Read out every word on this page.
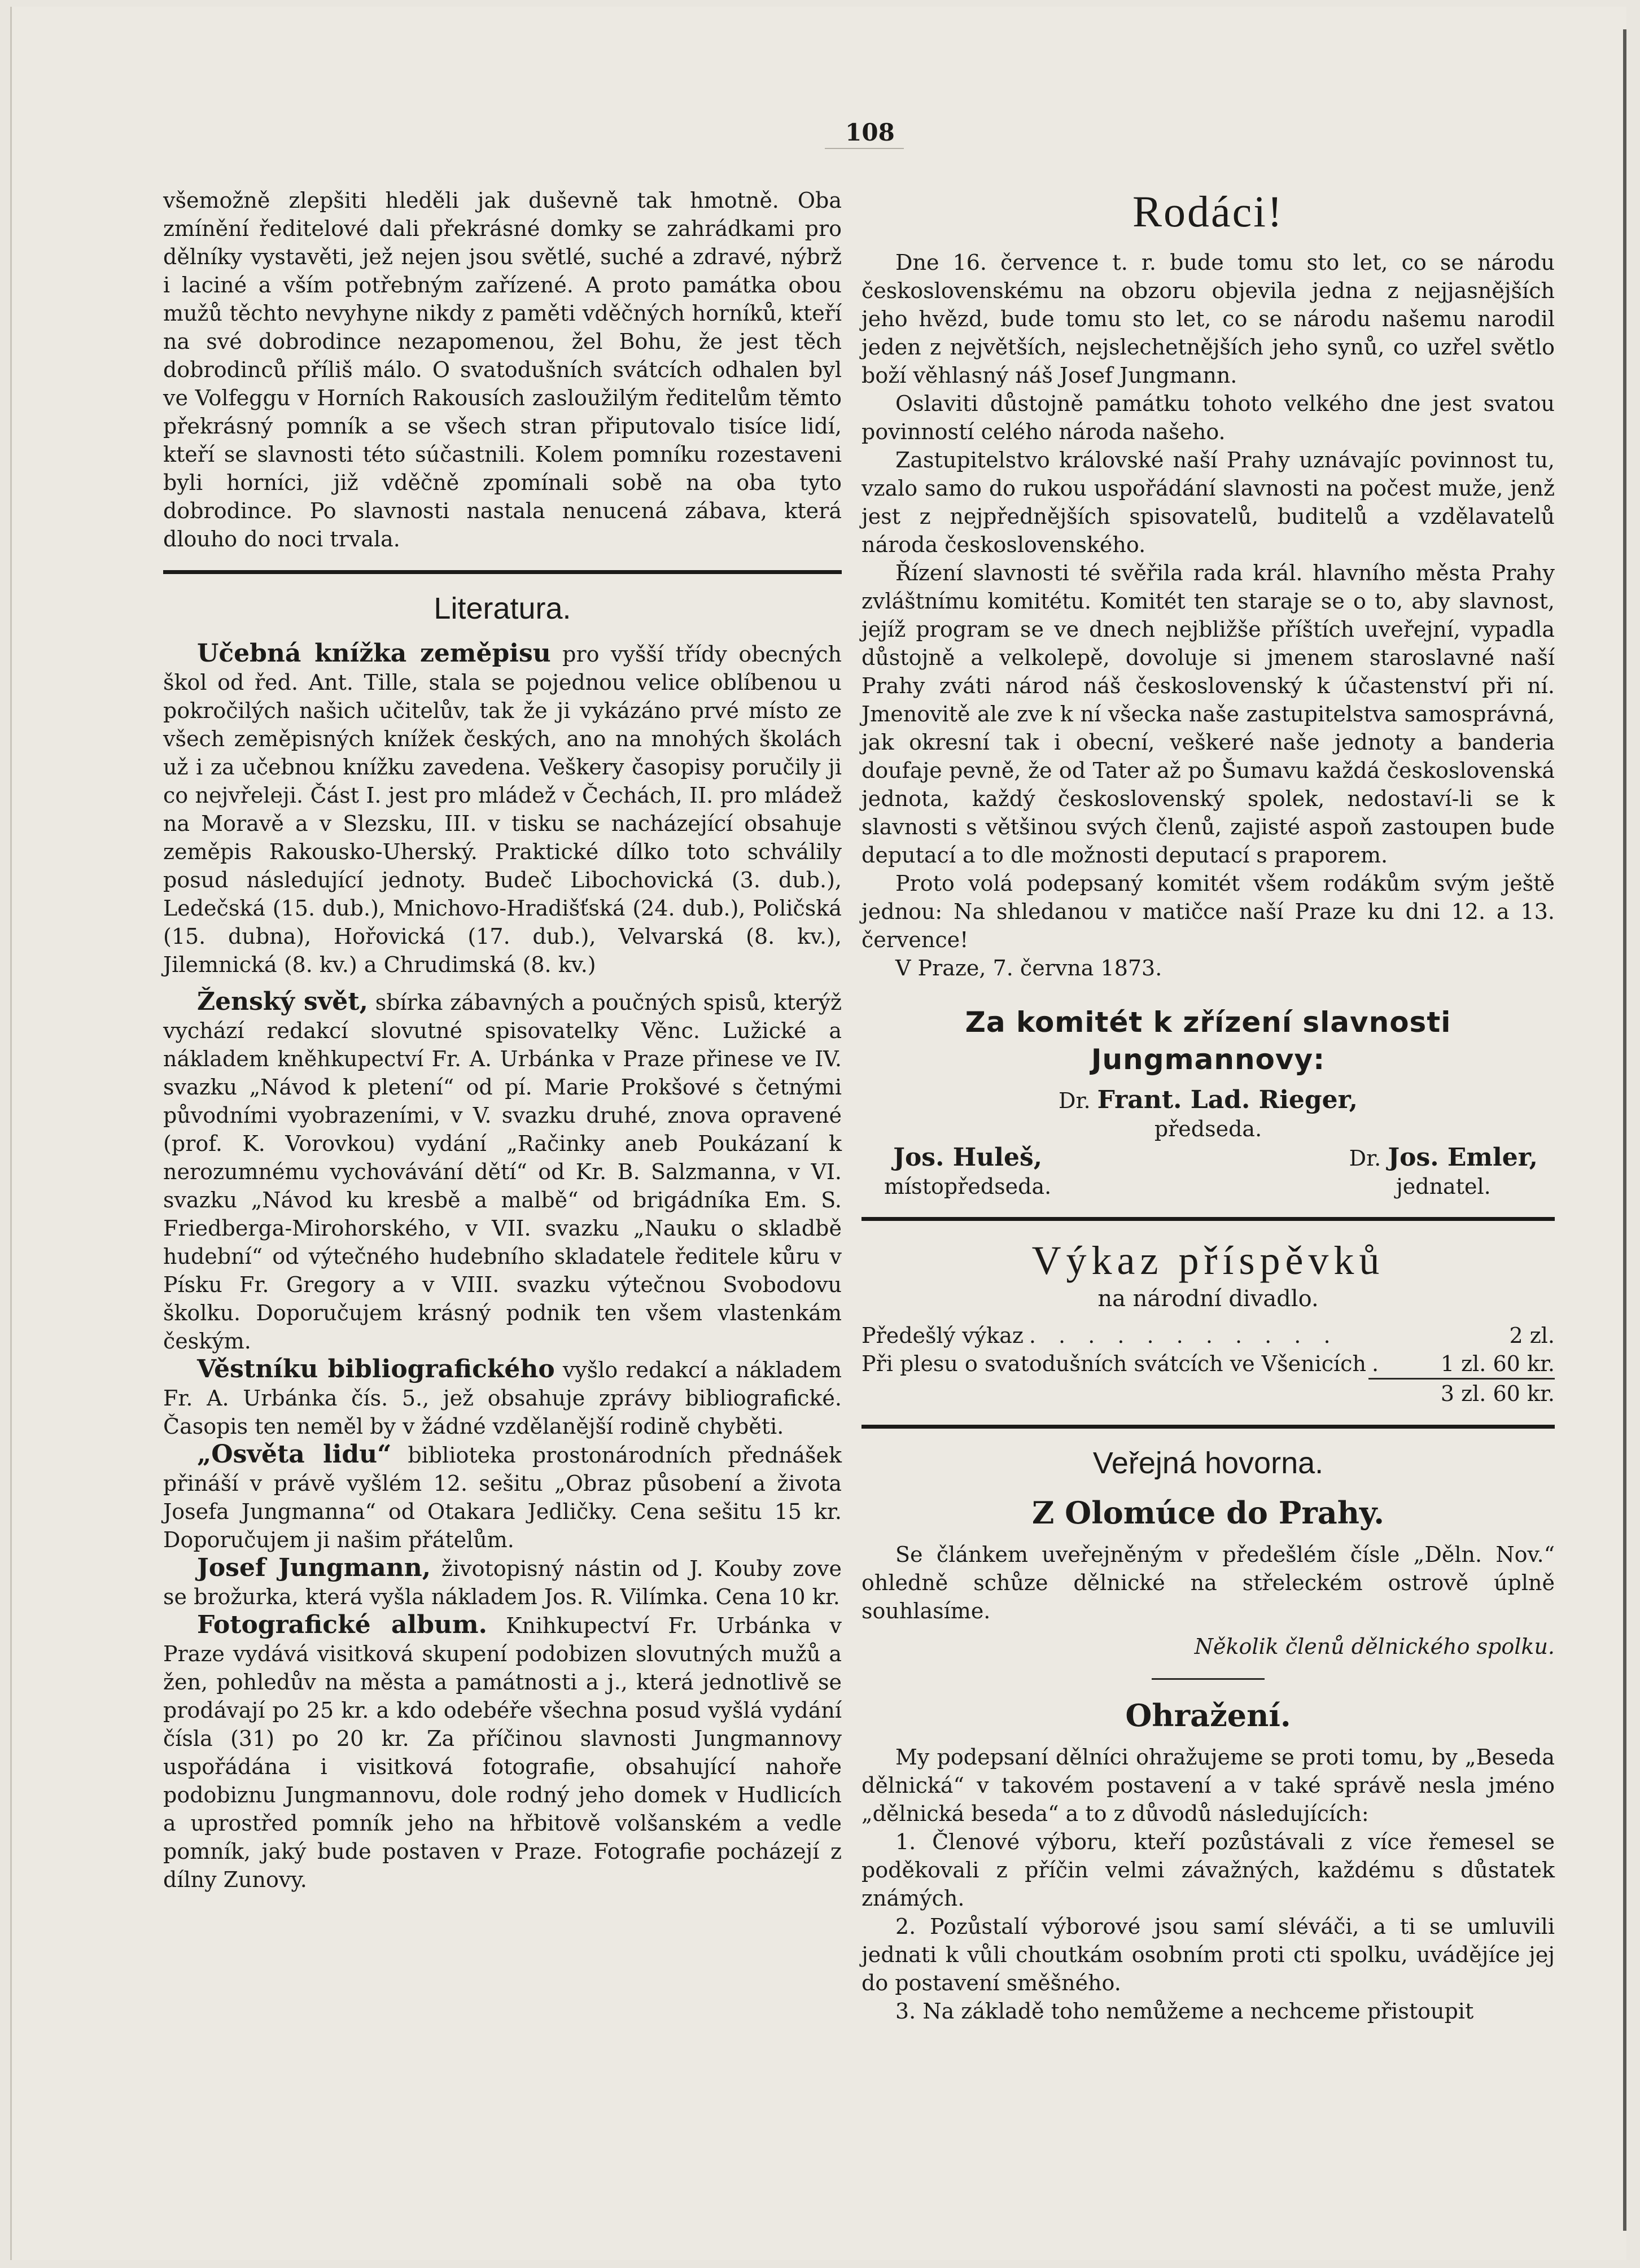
108

všemožně zlepšiti hleděli jak duševně tak hmotně. Oba zmínění ředitelové dali překrásné domky se zahrádkami pro dělníky vystavěti, jež nejen jsou světlé, suché a zdravé, nýbrž i laciné a vším potřebným zařízené. A proto památka obou mužů těchto nevyhyne nikdy z paměti vděčných horníků, kteří na své dobrodince nezapomenou, žel Bohu, že jest těch dobrodinců příliš málo. O svatodušních svátcích odhalen byl ve Volfeggu v Horních Rakousích zasloužilým ředitelům těmto překrásný pomník a se všech stran připutovalo tisíce lidí, kteří se slavnosti této súčastnili. Kolem pomníku rozestaveni byli horníci, již vděčně zpomínali sobě na oba tyto dobrodince. Po slavnosti nastala nenucená zábava, která dlouho do noci trvala.

Literatura.

Učebná knížka zeměpisu pro vyšší třídy obecných škol od řed. Ant. Tille, stala se pojednou velice oblíbenou u pokročilých našich učitelův, tak že ji vykázáno prvé místo ze všech zeměpisných knížek českých, ano na mnohých školách už i za učebnou knížku zavedena. Veškery časopisy poručily ji co nejvřeleji. Část I. jest pro mládež v Čechách, II. pro mládež na Moravě a v Slezsku, III. v tisku se nacházející obsahuje zeměpis Rakousko-Uherský. Praktické dílko toto schválily posud následující jednoty. Budeč Libochovická (3. dub.), Ledečská (15. dub.), Mnichovo-Hradišťská (24. dub.), Poličská (15. dubna), Hořovická (17. dub.), Velvarská (8. kv.), Jilemnická (8. kv.) a Chrudimská (8. kv.)

Ženský svět, sbírka zábavných a poučných spisů, kterýž vychází redakcí slovutné spisovatelky Věnc. Lužické a nákladem kněhkupectví Fr. A. Urbánka v Praze přinese ve IV. svazku „Návod k pletení“ od pí. Marie Prokšové s četnými původními vyobrazeními, v V. svazku druhé, znova opravené (prof. K. Vorovkou) vydání „Račinky aneb Poukázaní k nerozumnému vychovávání dětí“ od Kr. B. Salzmanna, v VI. svazku „Návod ku kresbě a malbě“ od brigádníka Em. S. Friedberga-Mirohorského, v VII. svazku „Nauku o skladbě hudební“ od výtečného hudebního skladatele ředitele kůru v Písku Fr. Gregory a v VIII. svazku výtečnou Svobodovu školku. Doporučujem krásný podnik ten všem vlastenkám českým.

Věstníku bibliografického vyšlo redakcí a nákladem Fr. A. Urbánka čís. 5., jež obsahuje zprávy bibliografické. Časopis ten neměl by v žádné vzdělanější rodině chyběti.

„Osvěta lidu“ biblioteka prostonárodních přednášek přináší v právě vyšlém 12. sešitu „Obraz působení a života Josefa Jungmanna“ od Otakara Jedličky. Cena sešitu 15 kr. Doporučujem ji našim přátelům.

Josef Jungmann, životopisný nástin od J. Kouby zove se brožurka, která vyšla nákladem Jos. R. Vilímka. Cena 10 kr.

Fotografické album. Knihkupectví Fr. Urbánka v Praze vydává visitková skupení podobizen slovutných mužů a žen, pohledův na města a památnosti a j., která jednotlivě se prodávají po 25 kr. a kdo odebéře všechna posud vyšlá vydání čísla (31) po 20 kr. Za příčinou slavnosti Jungmannovy uspořádána i visitková fotografie, obsahující nahoře podobiznu Jungmannovu, dole rodný jeho domek v Hudlicích a uprostřed pomník jeho na hřbitově volšanském a vedle pomník, jaký bude postaven v Praze. Fotografie pocházejí z dílny Zunovy.

Rodáci!

Dne 16. července t. r. bude tomu sto let, co se národu československému na obzoru objevila jedna z nejjasnějších jeho hvězd, bude tomu sto let, co se národu našemu narodil jeden z největších, nejslechetnějších jeho synů, co uzřel světlo boží věhlasný náš Josef Jungmann.

Oslaviti důstojně památku tohoto velkého dne jest svatou povinností celého národa našeho.

Zastupitelstvo královské naší Prahy uznávajíc povinnost tu, vzalo samo do rukou uspořádání slavnosti na počest muže, jenž jest z nejpřednějších spisovatelů, buditelů a vzdělavatelů národa československého.

Řízení slavnosti té svěřila rada král. hlavního města Prahy zvláštnímu komitétu. Komitét ten staraje se o to, aby slavnost, jejíž program se ve dnech nejbližše příštích uveřejní, vypadla důstojně a velkolepě, dovoluje si jmenem staroslavné naší Prahy zváti národ náš československý k účastenství při ní. Jmenovitě ale zve k ní všecka naše zastupitelstva samosprávná, jak okresní tak i obecní, veškeré naše jednoty a banderia doufaje pevně, že od Tater až po Šumavu každá československá jednota, každý československý spolek, nedostaví-li se k slavnosti s většinou svých členů, zajisté aspoň zastoupen bude deputací a to dle možnosti deputací s praporem.

Proto volá podepsaný komitét všem rodákům svým ještě jednou: Na shledanou v matičce naší Praze ku dni 12. a 13. července!

V Praze, 7. června 1873.

Za komitét k zřízení slavnosti Jungmannovy:
Dr. Frant. Lad. Rieger,
předseda.
Jos. Huleš,
místopředseda.
Dr. Jos. Emler,
jednatel.
Výkaz příspěvků
na národní divadlo.
Předešlý výkaz . . . . . . . . . . .	2 zl.
Při plesu o svatodušních svátcích ve Všenicích .	1 zl. 60 kr.
3 zl. 60 kr.
Veřejná hovorna.
Z Olomúce do Prahy.

Se článkem uveřejněným v předešlém čísle „Děln. Nov.“ ohledně schůze dělnické na střeleckém ostrově úplně souhlasíme.

Několik členů dělnického spolku.
Ohražení.

My podepsaní dělníci ohražujeme se proti tomu, by „Beseda dělnická“ v takovém postavení a v také správě nesla jméno „dělnická beseda“ a to z důvodů následujících:

1. Členové výboru, kteří pozůstávali z více řemesel se poděkovali z příčin velmi závažných, každému s důstatek známých.

2. Pozůstalí výborové jsou samí sléváči, a ti se umluvili jednati k vůli choutkám osobním proti cti spolku, uvádějíce jej do postavení směšného.

3. Na základě toho nemůžeme a nechceme přistoupit
